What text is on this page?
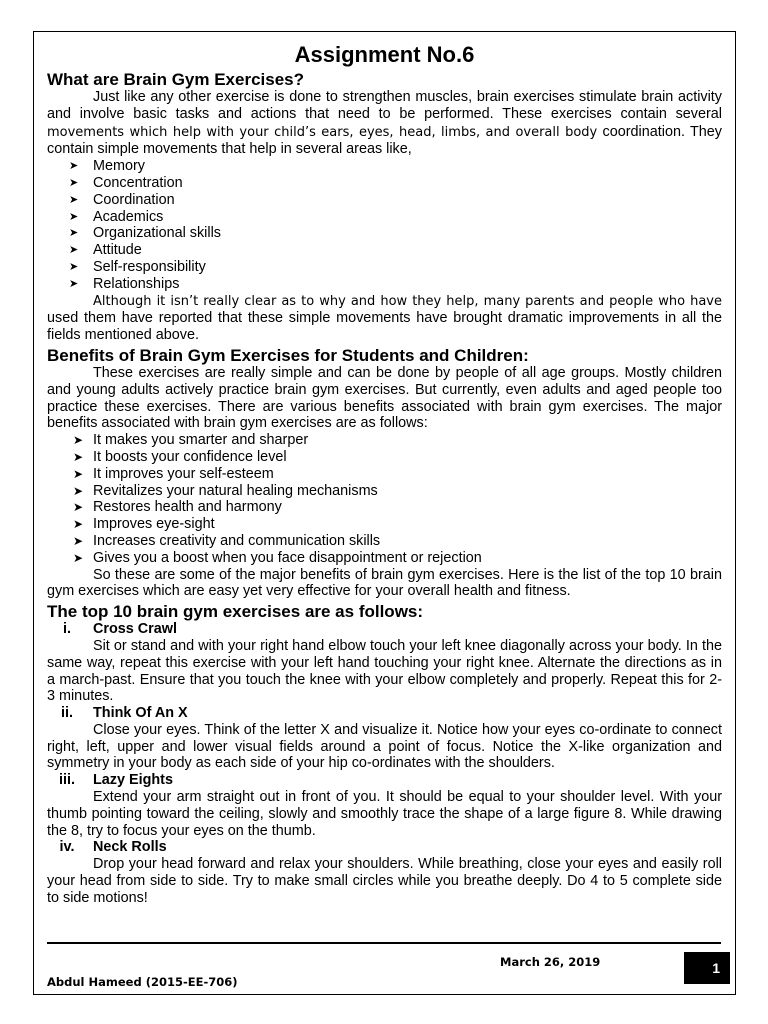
Assignment No.6
What are Brain Gym Exercises?

Just like any other exercise is done to strengthen muscles, brain exercises stimulate brain activity and involve basic tasks and actions that need to be performed. These exercises contain several movements which help with your child’s ears, eyes, head, limbs, and overall body coordination. They contain simple movements that help in several areas like,

➤ Memory
➤ Concentration
➤ Coordination
➤ Academics
➤ Organizational skills
➤ Attitude
➤ Self-responsibility
➤ Relationships

Although it isn’t really clear as to why and how they help, many parents and people who have used them have reported that these simple movements have brought dramatic improvements in all the fields mentioned above.

Benefits of Brain Gym Exercises for Students and Children:

These exercises are really simple and can be done by people of all age groups. Mostly children and young adults actively practice brain gym exercises. But currently, even adults and aged people too practice these exercises. There are various benefits associated with brain gym exercises. The major benefits associated with brain gym exercises are as follows:

➤ It makes you smarter and sharper
➤ It boosts your confidence level
➤ It improves your self-esteem
➤ Revitalizes your natural healing mechanisms
➤ Restores health and harmony
➤ Improves eye-sight
➤ Increases creativity and communication skills
➤ Gives you a boost when you face disappointment or rejection

So these are some of the major benefits of brain gym exercises. Here is the list of the top 10 brain gym exercises which are easy yet very effective for your overall health and fitness.

The top 10 brain gym exercises are as follows:
i.	Cross Crawl

Sit or stand and with your right hand elbow touch your left knee diagonally across your body. In the same way, repeat this exercise with your left hand touching your right knee. Alternate the directions as in a march-past. Ensure that you touch the knee with your elbow completely and properly. Repeat this for 2-3 minutes.

ii.	Think Of An X

Close your eyes. Think of the letter X and visualize it. Notice how your eyes co-ordinate to connect right, left, upper and lower visual fields around a point of focus. Notice the X-like organization and symmetry in your body as each side of your hip co-ordinates with the shoulders.

iii.	Lazy Eights

Extend your arm straight out in front of you. It should be equal to your shoulder level. With your thumb pointing toward the ceiling, slowly and smoothly trace the shape of a large figure 8. While drawing the 8, try to focus your eyes on the thumb.

iv.	Neck Rolls

Drop your head forward and relax your shoulders. While breathing, close your eyes and easily roll your head from side to side. Try to make small circles while you breathe deeply. Do 4 to 5 complete side to side motions!

March 26, 2019
Abdul Hameed (2015-EE-706)
1
